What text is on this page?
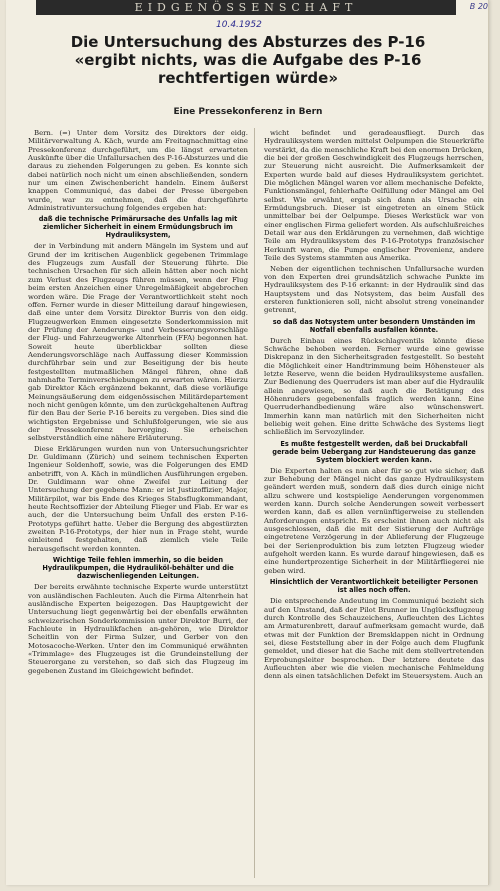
EIDGENÖSSENSCHAFT	B 20
10.4.1952
Die Untersuchung des Absturzes des P-16
«ergibt nichts, was die Aufgabe des P-16
rechtfertigen würde»
Eine Pressekonferenz in Bern

Bern. (=) Unter dem Vorsitz des Direktors der eidg. Militärverwaltung A. Käch, wurde am Freitagnachmittag eine Pressekonferenz durchgeführt, um die längst erwarteten Auskünfte über die Unfallursachen des P-16-Absturzes und die daraus zu ziehenden Folgerungen zu geben. Es konnte sich dabei natürlich noch nicht um einen abschließenden, sondern nur um einen Zwischenbericht handeln. Einem äußerst knappen Communiqué, das dabei der Presse übergeben wurde, war zu entnehmen, daß die durchgeführte Administrativuntersuchung folgendes ergeben hat:

daß die technische Primärursache des Unfalls lag mit ziemlicher Sicherheit in einem Ermüdungsbruch im Hydrauliksystem,

der in Verbindung mit andern Mängeln im System und auf Grund der im kritischen Augenblick gegebenen Trimmlage des Flugzeugs zum Ausfall der Steuerung führte. Die technischen Ursachen für sich allein hätten aber noch nicht zum Verlust des Flugzeugs führen müssen, wenn der Flug beim ersten Anzeichen einer Unregelmäßigkeit abgebrochen worden wäre. Die Frage der Verantwortlichkeit steht noch offen. Ferner wurde in dieser Mitteilung darauf hingewiesen, daß eine unter dem Vorsitz Direktor Burris von den eidg. Flugzeugwerken Emmen eingesetzte Sonderkommission mit der Prüfung der Aenderungs- und Verbesserungsvorschläge der Flug- und Fahrzeugwerke Altenrhein (FFA) begonnen hat. Soweit heute überblickbar sollten diese Aenderungsvorschläge nach Auffassung dieser Kommission durchführbar sein und zur Beseitigung der bis heute festgestellten mutmaßlichen Mängel führen, ohne daß nahmhafte Terminverschiebungen zu erwarten wären. Hierzu gab Direktor Käch ergänzend bekannt, daß diese vorläufige Meinungsäußerung dem eidgenössischen Militärdepartement noch nicht genügen könnte, um den zurückgehaltenen Auftrag für den Bau der Serie P-16 bereits zu vergeben. Dies sind die wichtigsten Ergebnisse und Schlußfolgerungen, wie sie aus der Pressekonferenz hervorging. Sie erheischen selbstverständlich eine nähere Erläuterung.

Diese Erklärungen wurden nun von Untersuchungsrichter Dr. Guldimann (Zürich) und seinem technischen Experten Ingenieur Soldenhoff, sowie, was die Folgerungen des EMD anbetrifft, von A. Käch in mündlichen Ausführungen ergeben. Dr. Guldimann war ohne Zweifel zur Leitung der Untersuchung der gegebene Mann: er ist Justizoffizier, Major, Militärpilot, war bis Ende des Krieges Stabsflugkommandant, heute Rechtsoffizier der Abteilung Flieger und Flab. Er war es auch, der die Untersuchung beim Unfall des ersten P-16-Prototyps geführt hatte. Ueber die Bergung des abgestürzten zweiten P-16-Prototyps, der hier nun in Frage steht, wurde einleitend festgehalten, daß ziemlich viele Teile herausgefischt werden konnten.

Wichtige Teile fehlen immerhin, so die beiden Hydraulikpumpen, die Hydrauliköl-behälter und die dazwischenliegenden Leitungen.

Der bereits erwähnte technische Experte wurde unterstützt von ausländischen Fachleuten. Auch die Firma Altenrhein hat ausländische Experten beigezogen. Das Hauptgewicht der Untersuchung liegt gegenwärtig bei der ebenfalls erwähnten schweizerischen Sonderkommission unter Direktor Burri, der Fachleute in Hydraulikfachen an-gehören, wie Direktor Scheitlin von der Firma Sulzer, und Gerber von den Motosacoche-Werken. Unter den im Communiqué erwähnten «Trimmlage» des Flugzeuges ist die Grundeinstellung der Steuerorgane zu verstehen, so daß sich das Flugzeug im gegebenen Zustand im Gleichgewicht befindet.

wicht befindet und geradeausfliegt. Durch das Hydrauliksystem werden mittelst Oelpumpen die Steuerkräfte verstärkt, da die menschliche Kraft bei den enormen Drücken, die bei der großen Geschwindigkeit des Flugzeugs herrschen, zur Steuerung nicht ausreicht. Die Aufmerksamkeit der Experten wurde bald auf dieses Hydrauliksystem gerichtet. Die möglichen Mängel waren vor allem mechanische Defekte, Funktionsmängel, fehlerhafte Oelfüllung oder Mängel am Oel selbst. Wie erwähnt, ergab sich dann als Ursache ein Ermüdungsbruch. Dieser ist eingetreten an einem Stück unmittelbar bei der Oelpumpe. Dieses Werkstück war von einer englischen Firma geliefert worden. Als aufschlußreiches Detail war aus den Erklärungen zu vernehmen, daß wichtige Teile am Hydrauliksystem des P-16-Prototyps französischer Herkunft waren, die Pumpe englischer Provenienz, andere Teile des Systems stammten aus Amerika.

Neben der eigentlichen technischen Unfallursache wurden von den Experten drei grundsätzlich schwache Punkte im Hydrauliksystem des P-16 erkannt: in der Hydraulik sind das Hauptsystem und das Notsystem, das beim Ausfall des ersteren funktionieren soll, nicht absolut streng voneinander getrennt,

so daß das Notsystem unter besondern Umständen im Notfall ebenfalls ausfallen könnte.

Durch Einbau eines Rückschlagventils könnte diese Schwäche behoben werden. Ferner wurde eine gewisse Diskrepanz in den Sicherheitsgraden festgestellt. So besteht die Möglichkeit einer Handtrimmung beim Höhensteuer als letzte Reserve, wenn die beiden Hydrauliksysteme ausfallen. Zur Bedienung des Querruders ist man aber auf die Hydraulik allein angewiesen, so daß auch die Betätigung des Höhenruders gegebenenfalls fraglich werden kann. Eine Querruderhandbedienung wäre also wünschenswert. Immerhin kann man natürlich mit den Sicherheiten nicht beliebig weit gehen. Eine dritte Schwäche des Systems liegt schließlich im Servozylinder.

Es mußte festgestellt werden, daß bei Druckabfall gerade beim Uebergang zur Handsteuerung das ganze System blockiert werden kann.

Die Experten halten es nun aber für so gut wie sicher, daß zur Behebung der Mängel nicht das ganze Hydrauliksystem geändert werden muß, sondern daß dies durch einige nicht allzu schwere und kostspielige Aenderungen vorgenommen werden kann. Durch solche Aenderungen soweit verbessert werden kann, daß es allen vernünftigerweise zu stellenden Anforderungen entspricht. Es erscheint ihnen auch nicht als ausgeschlossen, daß die mit der Sistierung der Aufträge eingetretene Verzögerung in der Ablieferung der Flugzeuge bei der Serienproduktion bis zum letzten Flugzeug wieder aufgeholt werden kann. Es wurde darauf hingewiesen, daß es eine hundertprozentige Sicherheit in der Militärfliegerei nie geben wird.

Hinsichtlich der Verantwortlichkeit beteiligter Personen ist alles noch offen.

Die entsprechende Andeutung im Communiqué bezieht sich auf den Umstand, daß der Pilot Brunner im Unglücksflugzeug durch Kontrolle des Schauzeichens, Aufleuchten des Lichtes am Armaturenbrett, darauf aufmerksam gemacht wurde, daß etwas mit der Funktion der Bremsklappen nicht in Ordnung sei, diese Feststellung aber in der Folge auch dem Flugfunk gemeldet, und dieser hat die Sache mit dem stellvertretenden Erprobungsleiter besprochen. Der letztere deutete das Aufleuchten aber wie die vielen mechanische Fehlmeldung denn als einen tatsächlichen Defekt im Steuersystem. Auch an
